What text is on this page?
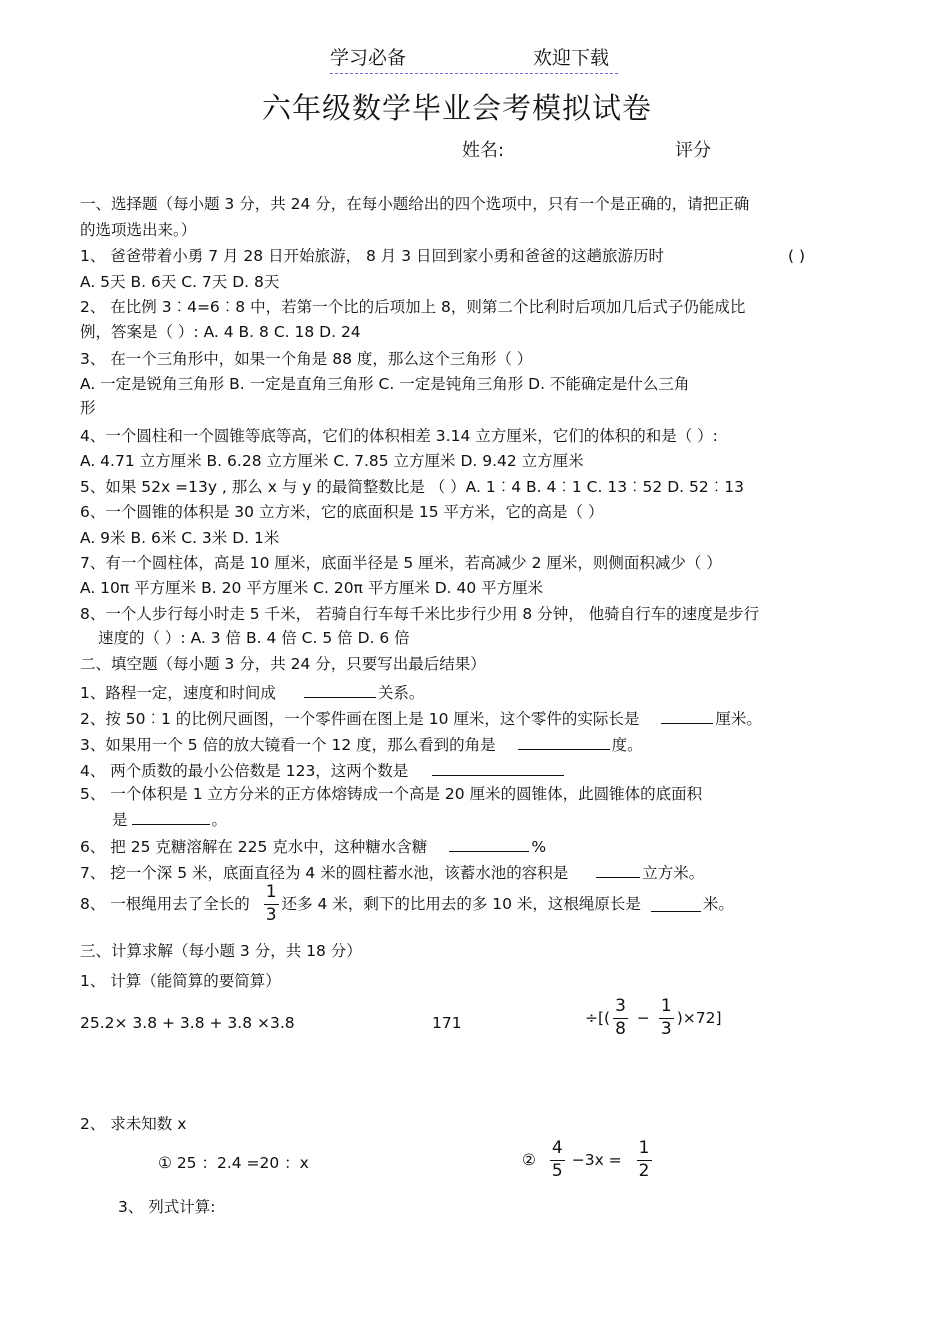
学习必备	欢迎下载
六年级数学毕业会考模拟试卷
姓名:	评分
一、选择题（每小题 3 分，共 24 分，在每小题给出的四个选项中，只有一个是正确的，请把正确
的选项选出来。）
1、 爸爸带着小勇 7 月 28 日开始旅游， 8 月 3 日回到家小勇和爸爸的这趟旅游历时	( )
A. 5天 B. 6天 C. 7天 D. 8天
2、 在比例 3︰4=6︰8 中，若第一个比的后项加上 8，则第二个比利时后项加几后式子仍能成比
例，答案是（ ）: A. 4 B. 8 C. 18 D. 24
3、 在一个三角形中，如果一个角是 88 度，那么这个三角形（ ）
A. 一定是锐角三角形 B. 一定是直角三角形 C. 一定是钝角三角形 D. 不能确定是什么三角
形
4、一个圆柱和一个圆锥等底等高，它们的体积相差 3.14 立方厘米，它们的体积的和是（ ）:
A. 4.71 立方厘米 B. 6.28 立方厘米 C. 7.85 立方厘米 D. 9.42 立方厘米
5、如果 52x =13y , 那么 x 与 y 的最简整数比是 （ ）A. 1︰4 B. 4︰1 C. 13︰52 D. 52︰13
6、一个圆锥的体积是 30 立方米，它的底面积是 15 平方米，它的高是（ ）
A. 9米 B. 6米 C. 3米 D. 1米
7、有一个圆柱体，高是 10 厘米，底面半径是 5 厘米，若高减少 2 厘米，则侧面积减少（ ）
A. 10π 平方厘米 B. 20 平方厘米 C. 20π 平方厘米 D. 40 平方厘米
8、一个人步行每小时走 5 千米， 若骑自行车每千米比步行少用 8 分钟， 他骑自行车的速度是步行
速度的（ ）: A. 3 倍 B. 4 倍 C. 5 倍 D. 6 倍
二、填空题（每小题 3 分，共 24 分，只要写出最后结果）
1、路程一定，速度和时间成	关系。
2、按 50︰1 的比例尺画图，一个零件画在图上是 10 厘米，这个零件的实际长是	厘米。
3、如果用一个 5 倍的放大镜看一个 12 度，那么看到的角是	度。
4、 两个质数的最小公倍数是 123，这两个数是
5、 一个体积是 1 立方分米的正方体熔铸成一个高是 20 厘米的圆锥体，此圆锥体的底面积
是	。
6、 把 25 克糖溶解在 225 克水中，这种糖水含糖	%
7、 挖一个深 5 米，底面直径为 4 米的圆柱蓄水池，该蓄水池的容积是	立方米。
8、 一根绳用去了全长的 $\frac{1}{3}$ 还多 4 米，剩下的比用去的多 10 米，这根绳原长是	米。
三、计算求解（每小题 3 分，共 18 分）
1、 计算（能简算的要简算）
25.2× 3.8 + 3.8 + 3.8 ×3.8	171	÷[( $\frac{3}{8} - \frac{1}{3} )\times 72$]
2、 求未知数 x
① 25 ：2.4 =20 ：x	② $\frac{4}{5} -3x = \frac{1}{2}$
3、 列式计算:
